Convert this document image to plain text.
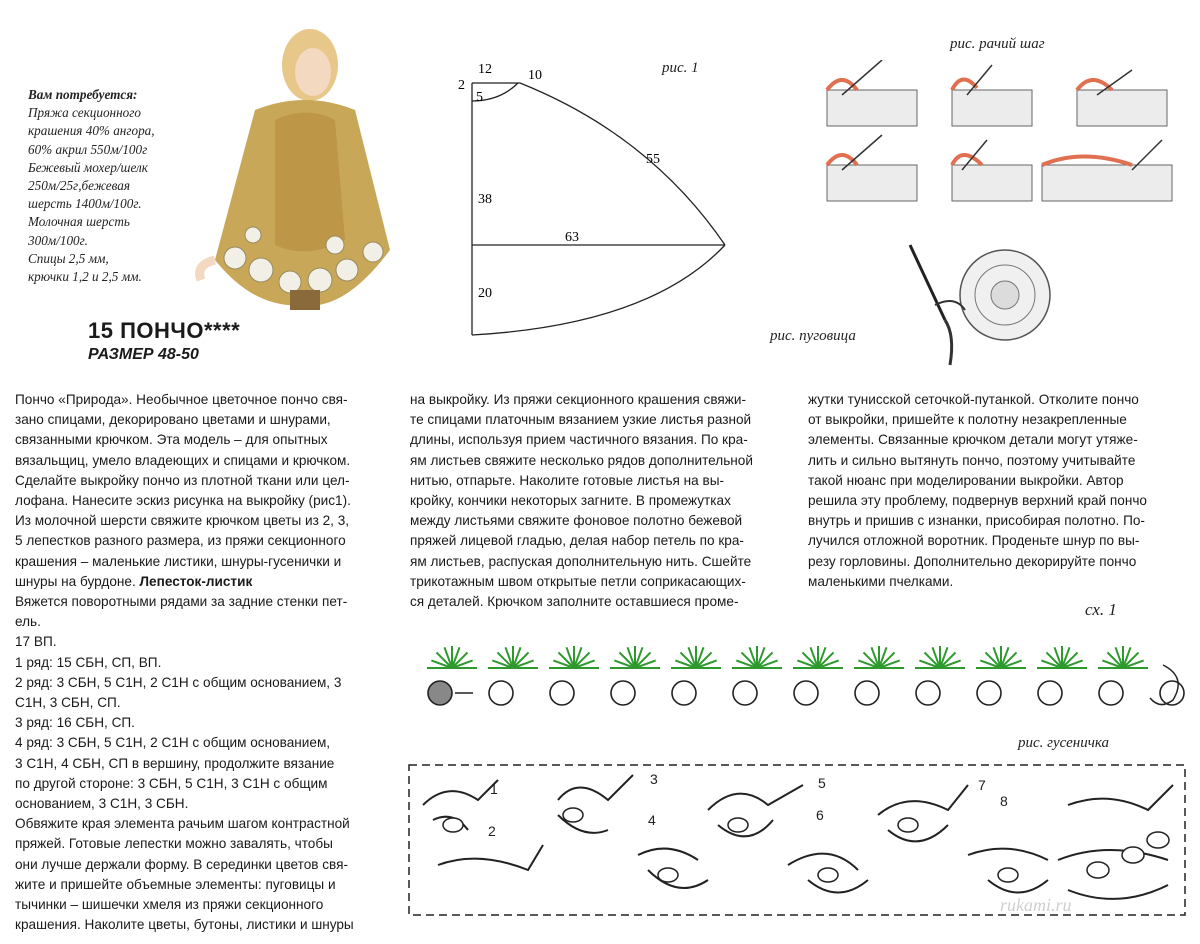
Вам потребуется:
Пряжа секционного
крашения 40% ангора,
60% акрил 550м/100г
Бежевый мохер/шелк
250м/25г,бежевая
шерсть 1400м/100г.
Молочная шерсть
300м/100г.
Спицы 2,5 мм,
крючки 1,2 и 2,5 мм.
15 ПОНЧО****
РАЗМЕР 48-50
12	10
2
5
55
38
63
20
рис. 1
рис. рачий шаг
рис. пуговица
Пончо «Природа». Необычное цветочное пончо свя-
зано спицами, декорировано цветами и шнурами,
связанными крючком. Эта модель – для опытных
вязальщиц, умело владеющих и спицами и крючком.
Сделайте выкройку пончо из плотной ткани или цел-
лофана. Нанесите эскиз рисунка на выкройку (рис1).
Из молочной шерсти свяжите крючком цветы из 2, 3,
5 лепестков разного размера, из пряжи секционного
крашения – маленькие листики, шнуры-гусенички и
шнуры на бурдоне. Лепесток-листик
Вяжется поворотными рядами за задние стенки пет-
ель.
17 ВП.
1 ряд: 15 СБН, СП, ВП.
2 ряд: 3 СБН, 5 С1Н, 2 С1Н с общим основанием, 3
С1Н, 3 СБН, СП.
3 ряд: 16 СБН, СП.
4 ряд: 3 СБН, 5 С1Н, 2 С1Н с общим основанием,
3 С1Н, 4 СБН, СП в вершину, продолжите вязание
по другой стороне: 3 СБН, 5 С1Н, 3 С1Н с общим
основанием, 3 С1Н, 3 СБН.
Обвяжите края элемента рачьим шагом контрастной
пряжей. Готовые лепестки можно завалять, чтобы
они лучше держали форму. В серединки цветов свя-
жите и пришейте объемные элементы: пуговицы и
тычинки – шишечки хмеля из пряжи секционного
крашения. Наколите цветы, бутоны, листики и шнуры
на выкройку. Из пряжи секционного крашения свяжи-
те спицами платочным вязанием узкие листья разной
длины, используя прием частичного вязания. По кра-
ям листьев свяжите несколько рядов дополнительной
нитью, отпарьте. Наколите готовые листья на вы-
кройку, кончики некоторых загните. В промежутках
между листьями свяжите фоновое полотно бежевой
пряжей лицевой гладью, делая набор петель по кра-
ям листьев, распуская дополнительную нить. Сшейте
трикотажным швом открытые петли соприкасающих-
ся деталей. Крючком заполните оставшиеся проме-
жутки тунисской сеточкой-путанкой. Отколите пончо
от выкройки, пришейте к полотну незакрепленные
элементы. Связанные крючком детали могут утяже-
лить и сильно вытянуть пончо, поэтому учитывайте
такой нюанс при моделировании выкройки. Автор
решила эту проблему, подвернув верхний край пончо
внутрь и пришив с изнанки, присобирая полотно. По-
лучился отложной воротник. Проденьте шнур по вы-
резу горловины. Дополнительно декорируйте пончо
маленькими пчелками.
сх. 1
рис. гусеничка
1
2
3
4
5
6
7
8
rukami.ru
